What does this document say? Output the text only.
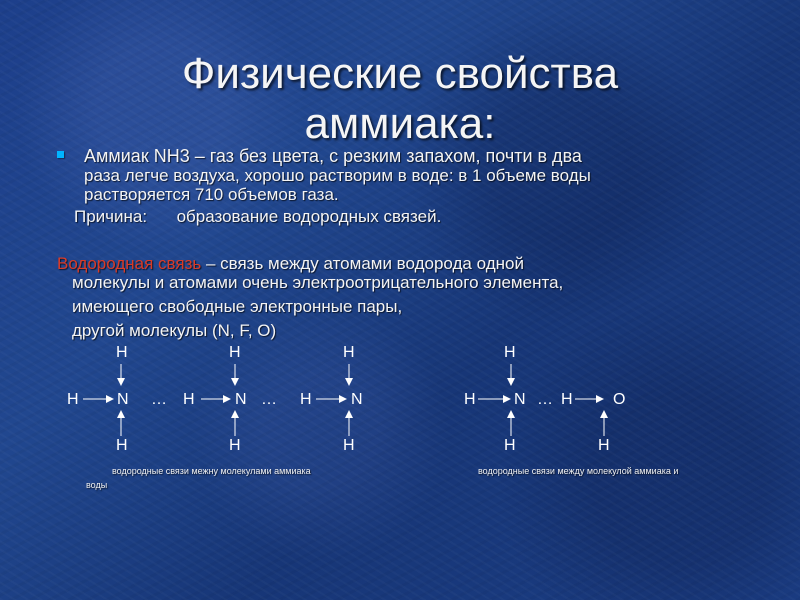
Физические свойства
аммиака:
Аммиак NH3 – газ без цвета, с резким запахом, почти в два
раза легче воздуха, хорошо растворим в воде: в 1 объеме воды
растворяется 710 объемов газа.
Причина: образование водородных связей.
Водородная связь – связь между атомами водорода одной
молекулы и атомами очень электроотрицательного элемента,
имеющего свободные электронные пары,
другой молекулы (N, F, O)
H	H	H	H
H N … H	N … H N	H N … H	O
H	H	H	H	H
водородные связи межну молекулами аммиака	водородные связи между молекулой аммиака и
воды
